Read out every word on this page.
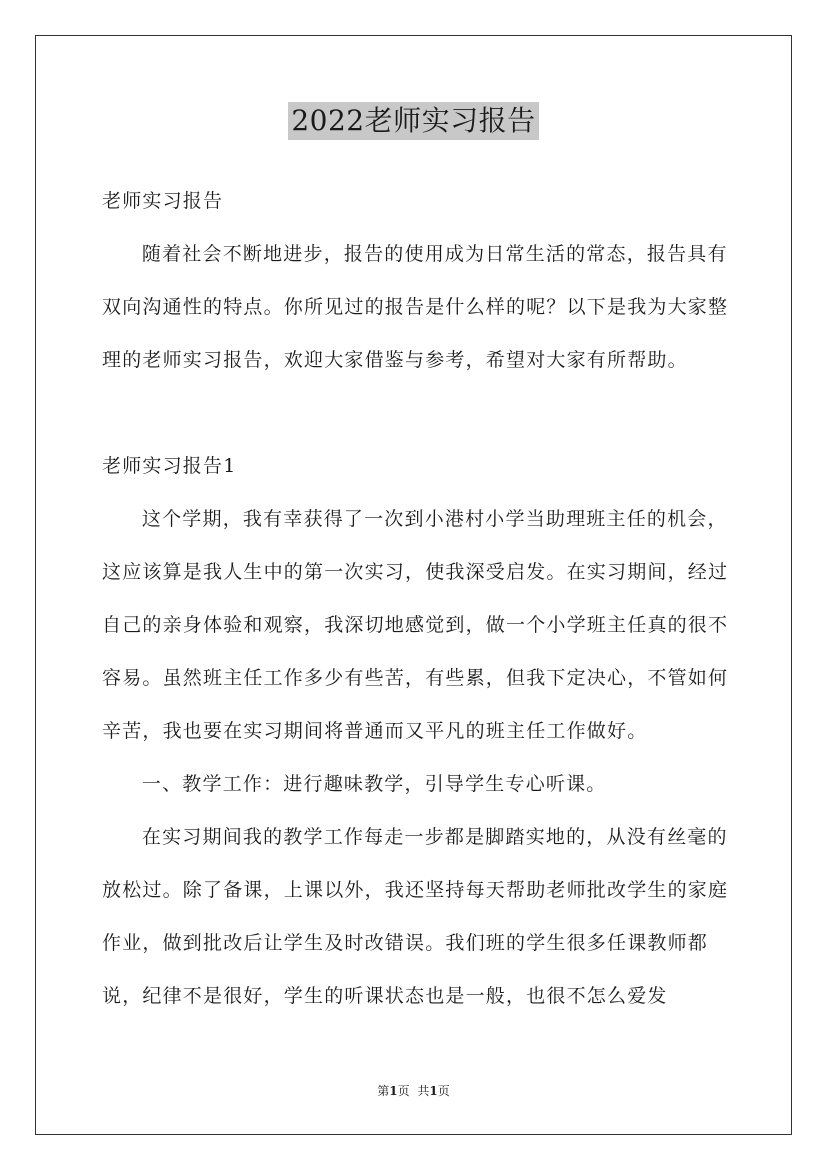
2022老师实习报告

老师实习报告

随着社会不断地进步，报告的使用成为日常生活的常态，报告具有双向沟通性的特点。你所见过的报告是什么样的呢？以下是我为大家整理的老师实习报告，欢迎大家借鉴与参考，希望对大家有所帮助。

老师实习报告1

这个学期，我有幸获得了一次到小港村小学当助理班主任的机会，这应该算是我人生中的第一次实习，使我深受启发。在实习期间，经过自己的亲身体验和观察，我深切地感觉到，做一个小学班主任真的很不容易。虽然班主任工作多少有些苦，有些累，但我下定决心，不管如何辛苦，我也要在实习期间将普通而又平凡的班主任工作做好。

一、教学工作：进行趣味教学，引导学生专心听课。

在实习期间我的教学工作每走一步都是脚踏实地的，从没有丝毫的放松过。除了备课，上课以外，我还坚持每天帮助老师批改学生的家庭作业，做到批改后让学生及时改错误。我们班的学生很多任课教师都说，纪律不是很好，学生的听课状态也是一般，也很不怎么爱发

第1页 共1页
